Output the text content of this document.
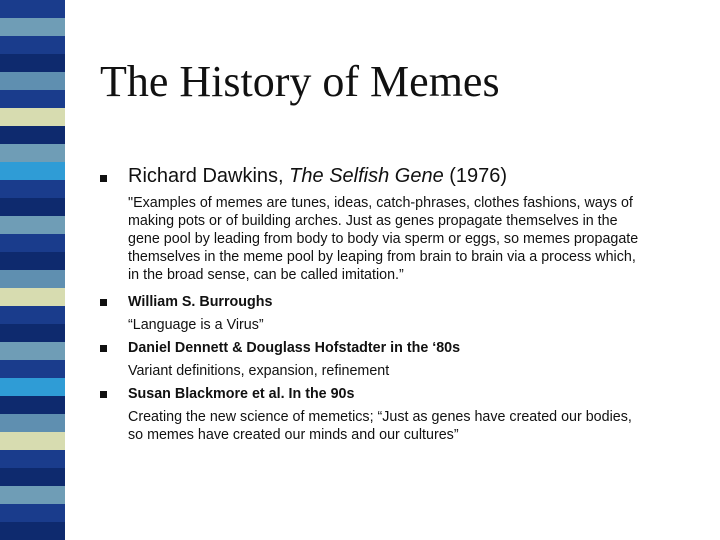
The History of Memes
Richard Dawkins, The Selfish Gene (1976)
"Examples of memes are tunes, ideas, catch-phrases, clothes fashions, ways of
making pots or of building arches. Just as genes propagate themselves in the
gene pool by leading from body to body via sperm or eggs, so memes propagate
themselves in the meme pool by leaping from brain to brain via a process which,
in the broad sense, can be called imitation.”
William S. Burroughs
“Language is a Virus”
Daniel Dennett & Douglass Hofstadter in the ‘80s
Variant definitions, expansion, refinement
Susan Blackmore et al. In the 90s
Creating the new science of memetics; “Just as genes have created our bodies,
so memes have created our minds and our cultures”
